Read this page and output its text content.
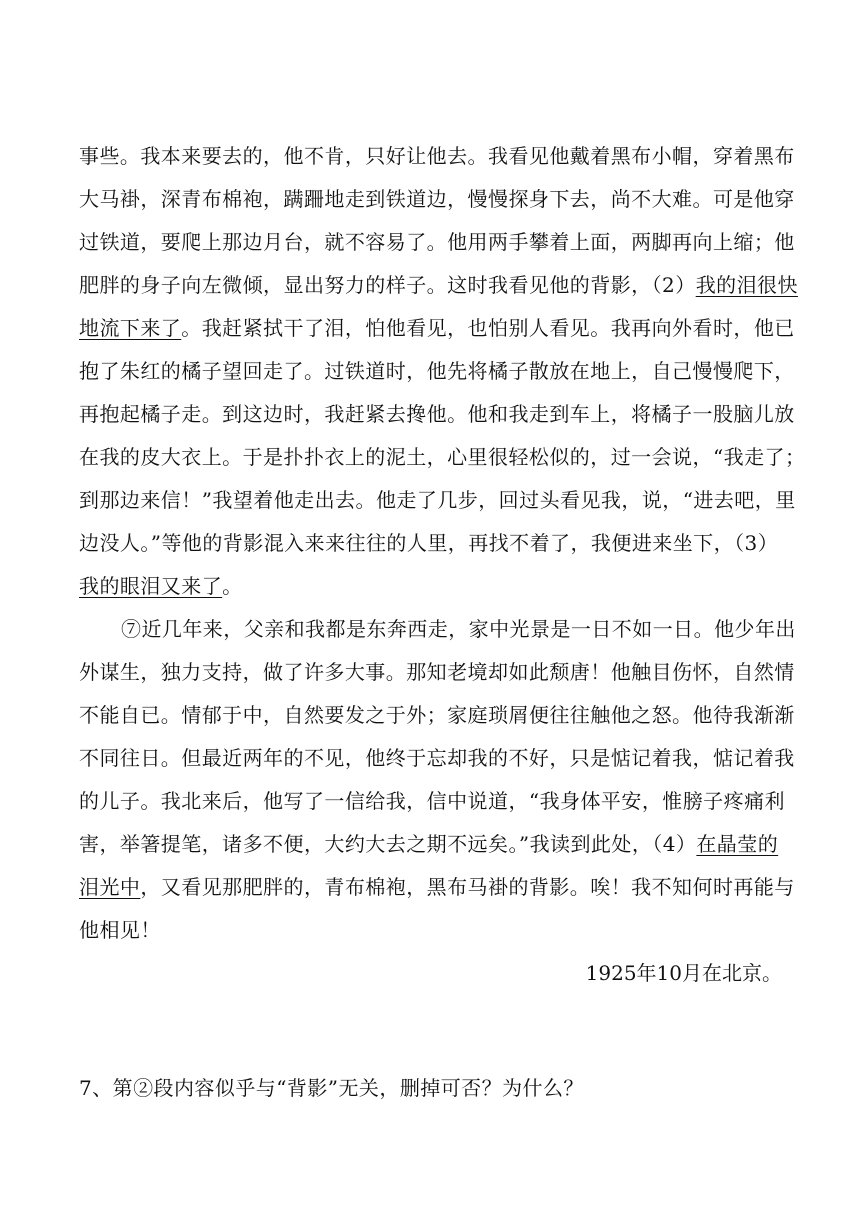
事些。我本来要去的，他不肯，只好让他去。我看见他戴着黑布小帽，穿着黑布
大马褂，深青布棉袍，蹒跚地走到铁道边，慢慢探身下去，尚不大难。可是他穿
过铁道，要爬上那边月台，就不容易了。他用两手攀着上面，两脚再向上缩；他
肥胖的身子向左微倾，显出努力的样子。这时我看见他的背影，（2）我的泪很快
地流下来了。我赶紧拭干了泪，怕他看见，也怕别人看见。我再向外看时，他已
抱了朱红的橘子望回走了。过铁道时，他先将橘子散放在地上，自己慢慢爬下，
再抱起橘子走。到这边时，我赶紧去搀他。他和我走到车上，将橘子一股脑儿放
在我的皮大衣上。于是扑扑衣上的泥土，心里很轻松似的，过一会说，“我走了；
到那边来信！”我望着他走出去。他走了几步，回过头看见我，说，“进去吧，里
边没人。”等他的背影混入来来往往的人里，再找不着了，我便进来坐下，（3）
我的眼泪又来了。
⑦近几年来，父亲和我都是东奔西走，家中光景是一日不如一日。他少年出
外谋生，独力支持，做了许多大事。那知老境却如此颓唐！他触目伤怀，自然情
不能自已。情郁于中，自然要发之于外；家庭琐屑便往往触他之怒。他待我渐渐
不同往日。但最近两年的不见，他终于忘却我的不好，只是惦记着我，惦记着我
的儿子。我北来后，他写了一信给我，信中说道，“我身体平安，惟膀子疼痛利
害，举箸提笔，诸多不便，大约大去之期不远矣。”我读到此处，（4）在晶莹的
泪光中，又看见那肥胖的，青布棉袍，黑布马褂的背影。唉！我不知何时再能与
他相见！
1925年10月在北京。
7、第②段内容似乎与“背影”无关，删掉可否？为什么？
